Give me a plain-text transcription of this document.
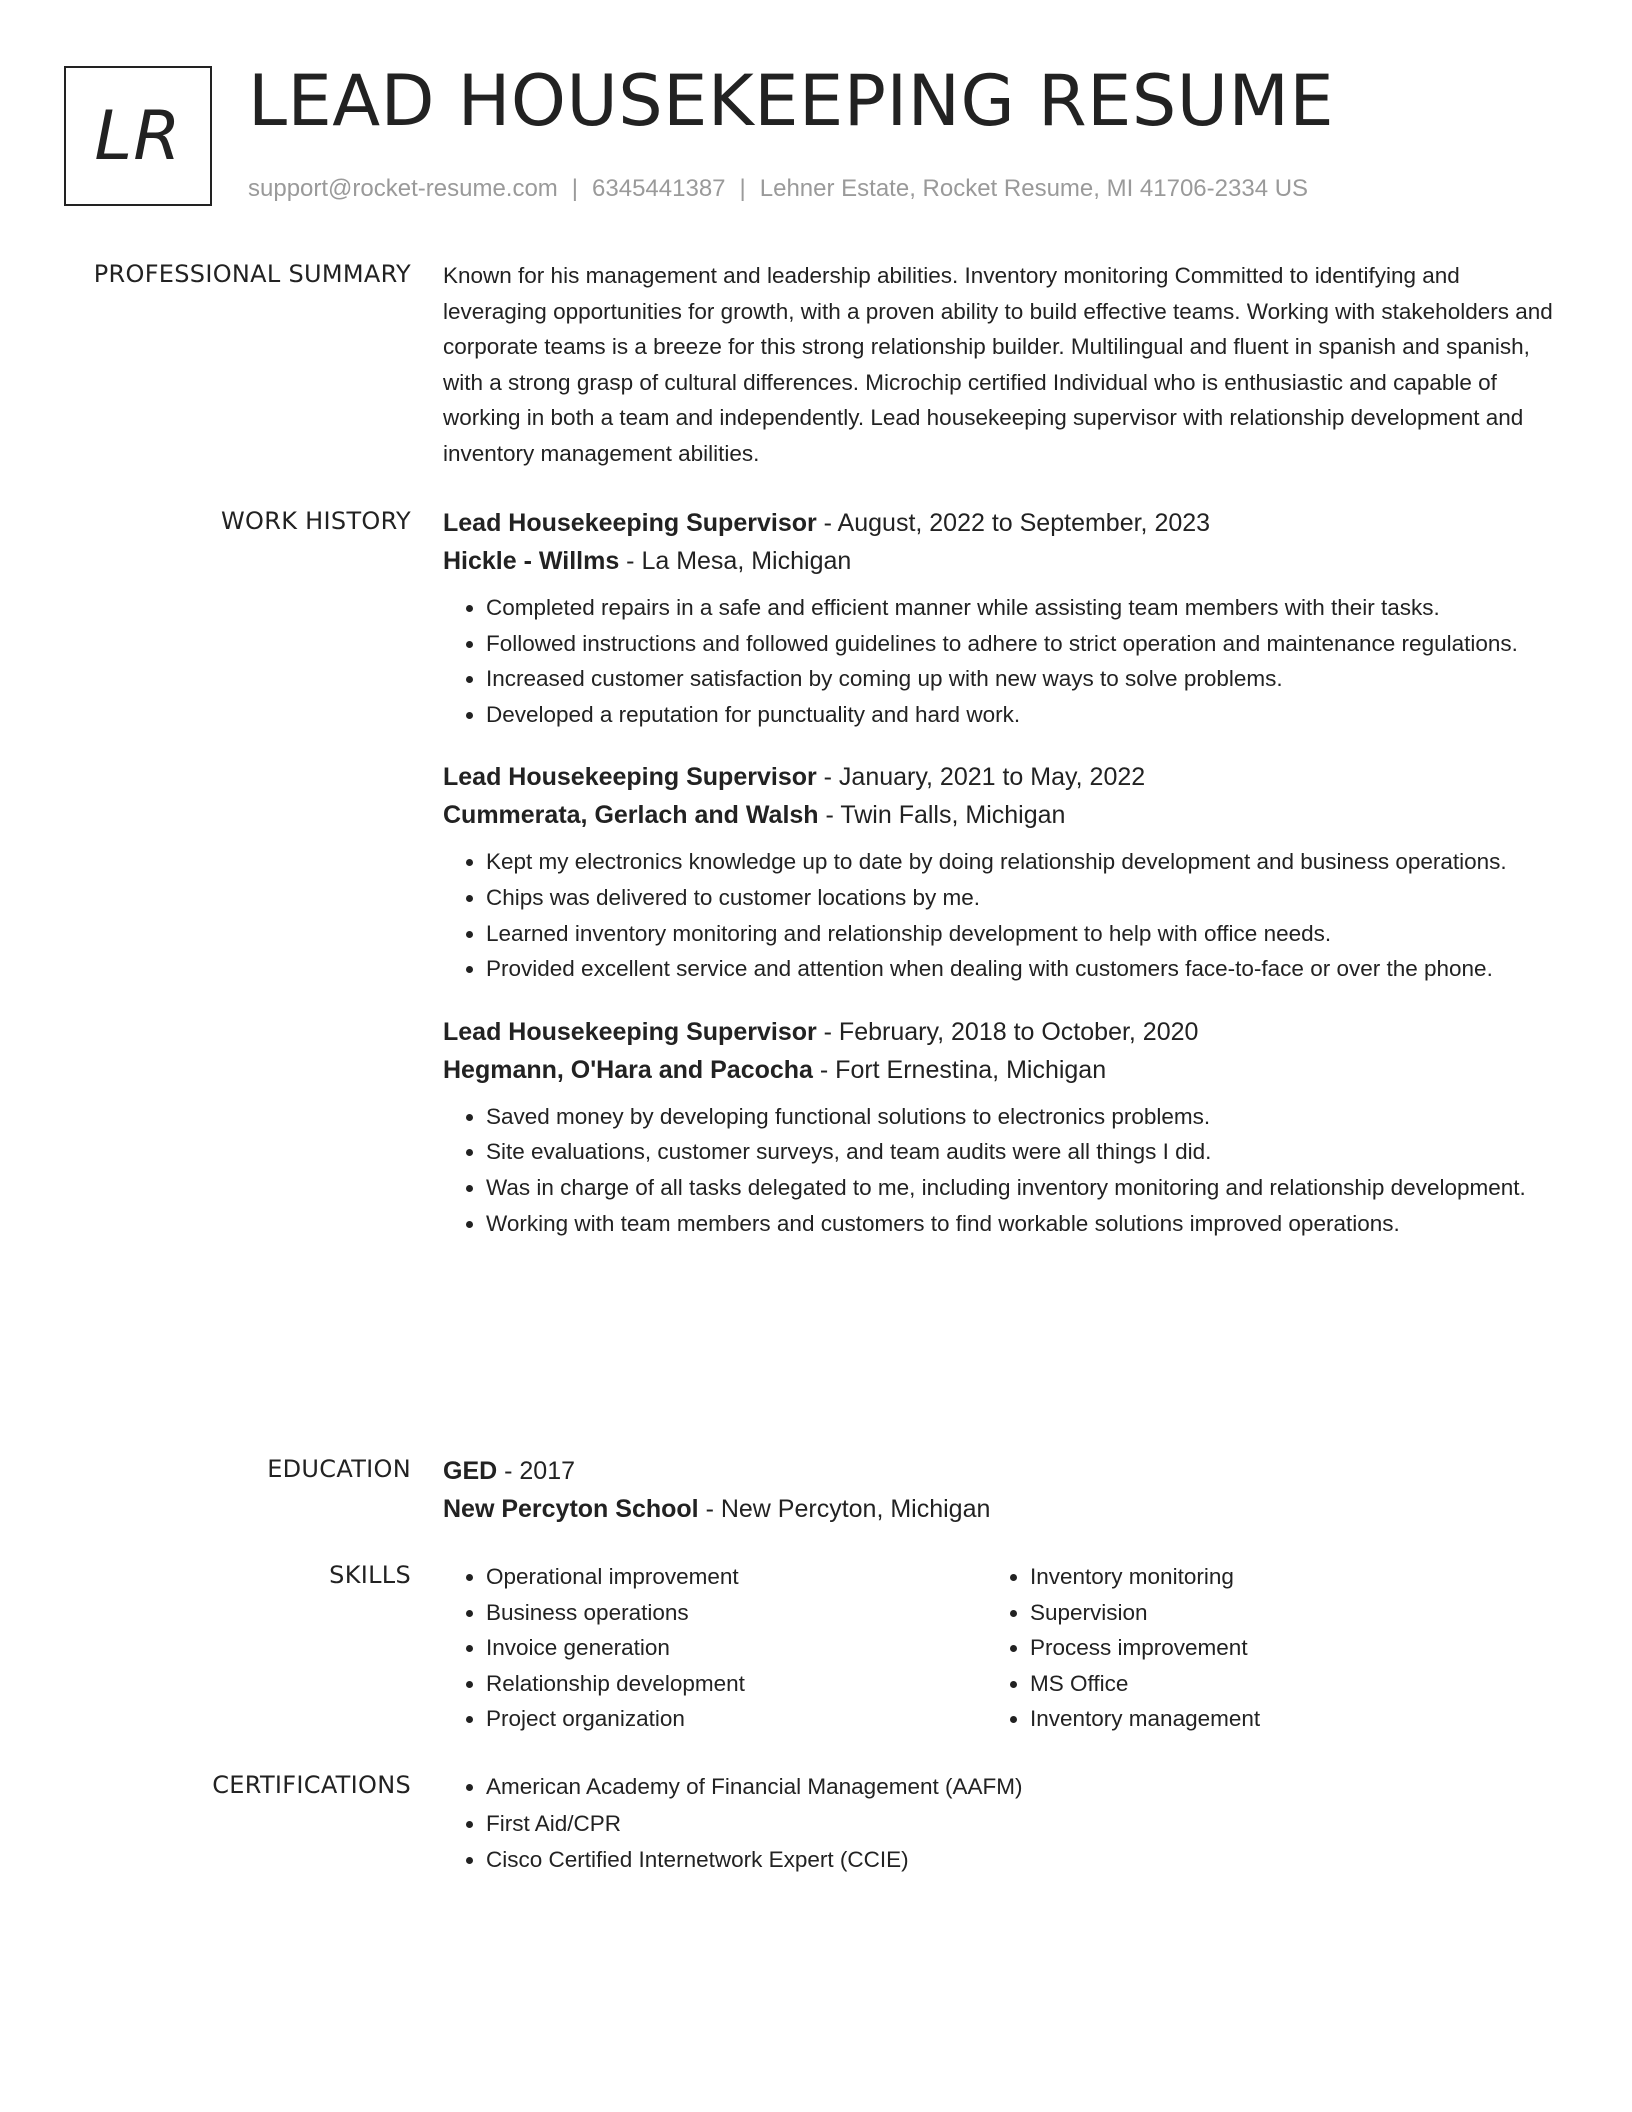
LR LEAD HOUSEKEEPING RESUME
support@rocket-resume.com | 6345441387 | Lehner Estate, Rocket Resume, MI 41706-2334 US
PROFESSIONAL SUMMARY Known for his management and leadership abilities. Inventory monitoring Committed to identifying and leveraging opportunities for growth, with a proven ability to build effective teams. Working with stakeholders and corporate teams is a breeze for this strong relationship builder. Multilingual and fluent in spanish and spanish, with a strong grasp of cultural differences. Microchip certified Individual who is enthusiastic and capable of working in both a team and independently. Lead housekeeping supervisor with relationship development and inventory management abilities.

WORK HISTORY Lead Housekeeping Supervisor - August, 2022 to September, 2023
Hickle - Willms - La Mesa, Michigan
• Completed repairs in a safe and efficient manner while assisting team members with their tasks.
• Followed instructions and followed guidelines to adhere to strict operation and maintenance regulations.
• Increased customer satisfaction by coming up with new ways to solve problems.
• Developed a reputation for punctuality and hard work.
Lead Housekeeping Supervisor - January, 2021 to May, 2022
Cummerata, Gerlach and Walsh - Twin Falls, Michigan
• Kept my electronics knowledge up to date by doing relationship development and business operations.
• Chips was delivered to customer locations by me.
• Learned inventory monitoring and relationship development to help with office needs.
• Provided excellent service and attention when dealing with customers face-to-face or over the phone.
Lead Housekeeping Supervisor - February, 2018 to October, 2020
Hegmann, O'Hara and Pacocha - Fort Ernestina, Michigan
• Saved money by developing functional solutions to electronics problems.
• Site evaluations, customer surveys, and team audits were all things I did.
• Was in charge of all tasks delegated to me, including inventory monitoring and relationship development.
• Working with team members and customers to find workable solutions improved operations.
EDUCATION GED - 2017
New Percyton School - New Percyton, Michigan
SKILLS	• Operational improvement
• Business operations
• Invoice generation
• Relationship development
• Project organization
• Inventory monitoring
• Supervision
• Process improvement
• MS Office
• Inventory management
CERTIFICATIONS	• American Academy of Financial Management (AAFM)
• First Aid/CPR
• Cisco Certified Internetwork Expert (CCIE)
